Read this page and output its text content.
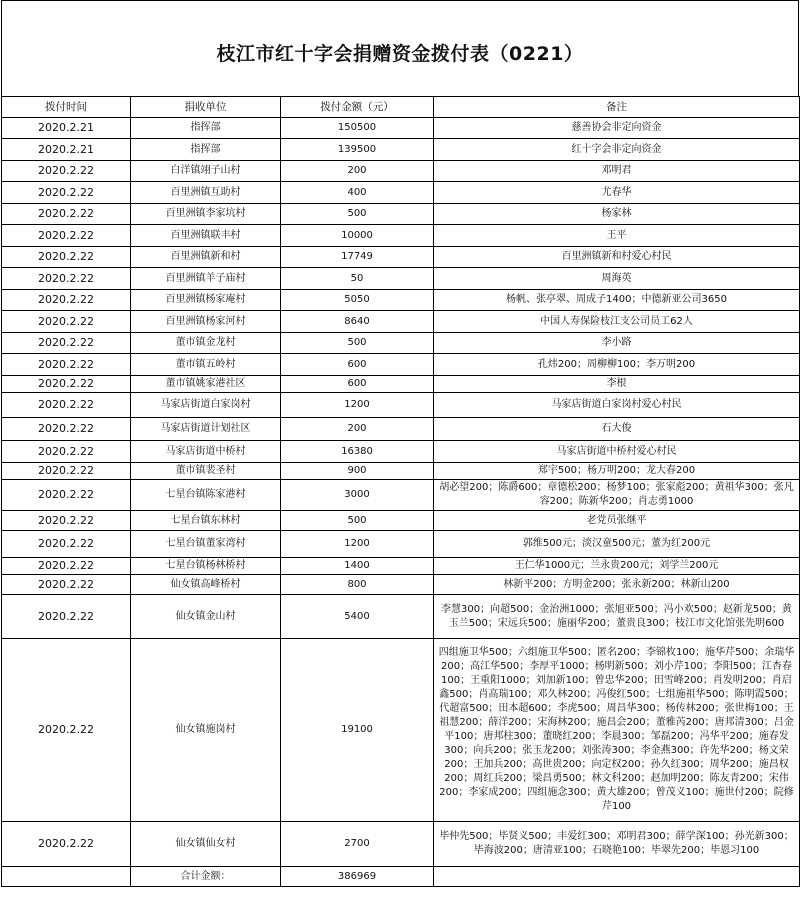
枝江市红十字会捐赠资金拨付表（0221）
拨付时间	捐收单位	拨付金额（元）	备注
2020.2.21	指挥部	150500	慈善协会非定向资金
2020.2.21	指挥部	139500	红十字会非定向资金
2020.2.22	白洋镇翊子山村	200	邓明君
2020.2.22	百里洲镇互助村	400	尤春华
2020.2.22	百里洲镇李家坑村	500	杨家林
2020.2.22	百里洲镇联丰村	10000	王平
2020.2.22	百里洲镇新和村	17749	百里洲镇新和村爱心村民
2020.2.22	百里洲镇羊子庙村	50	周海英
2020.2.22	百里洲镇杨家庵村	5050	杨帆、张亭翠、周成子1400；中德新亚公司3650
2020.2.22	百里洲镇杨家河村	8640	中国人寿保险枝江支公司员工62人
2020.2.22	董市镇金龙村	500	李小路
2020.2.22	董市镇五岭村	600	孔炜200；周柳柳100；李万明200
2020.2.22	董市镇姚家港社区	600	李根
2020.2.22	马家店街道白家岗村	1200	马家店街道白家岗村爱心村民
2020.2.22	马家店街道计划社区	200	石大俊
2020.2.22	马家店街道中桥村	16380	马家店街道中桥村爱心村民
2020.2.22	董市镇裴圣村	900	郑宇500；杨万明200；龙大春200
2020.2.22	七星台镇陈家港村	3000	胡必望200；陈爵600；章德松200；杨梦100；张家彪200；黄祖华300；张凡容200；陈新华200；肖志勇1000
2020.2.22	七星台镇东林村	500	老党员张继平
2020.2.22	七星台镇董家湾村	1200	郭维500元；淡汉童500元；董为红200元
2020.2.22	七星台镇杨林桥村	1400	王仁华1000元；兰永贵200元；刘学兰200元
2020.2.22	仙女镇高峰桥村	800	林新平200；方明金200；张永新200；林新山200
2020.2.22	仙女镇金山村	5400	李慧300；向超500；金治洲1000；张旭亚500；冯小欢500；赵新龙500；黄玉兰500；宋远兵500；施丽华200；董贵良300；枝江市文化馆张先明600
2020.2.22	仙女镇施岗村	19100	四组施卫华500；六组施卫华500；匿名200；李锦枚100；施华芹500；余瑞华200；高江华500；李厚平1000；杨明新500；刘小芹100；李阳500；江杏春100；王重阳1000；刘加新100；曾忠华200；田雪峰200；肖发明200；肖启鑫500；肖高瑞100；邓久林200；冯俊红500；七组施祖华500；陈明霞500；代超富500；田本超600；李虎500；周昌华300；杨传林200；张世梅100；王祖慧200；薛洋200；宋海林200；施昌会200；董雅芮200；唐邦清300；吕金平100；唐邦柱300；董晓红200；李晨300；邹磊200；冯华平200；施春发300；向兵200；张玉龙200；刘张涛300；李金燕300；许先华200；杨文荣200；王加兵200；高世贵200；向定权200；孙久红300；周华200；施昌权200；周红兵200；梁昌勇500；林文科200；赵加明200；陈友青200；宋伟200；李家成200；四组施念300；黄大雄200；曾茂义100；施世付200；院修芹100
2020.2.22	仙女镇仙女村	2700	毕仲先500；毕贤义500；丰爱红300；邓明君300；薛学深100；孙光新300；毕海波200；唐清亚100；石晓艳100；毕翠先200；毕恩习100
	合计金额：	386969	
